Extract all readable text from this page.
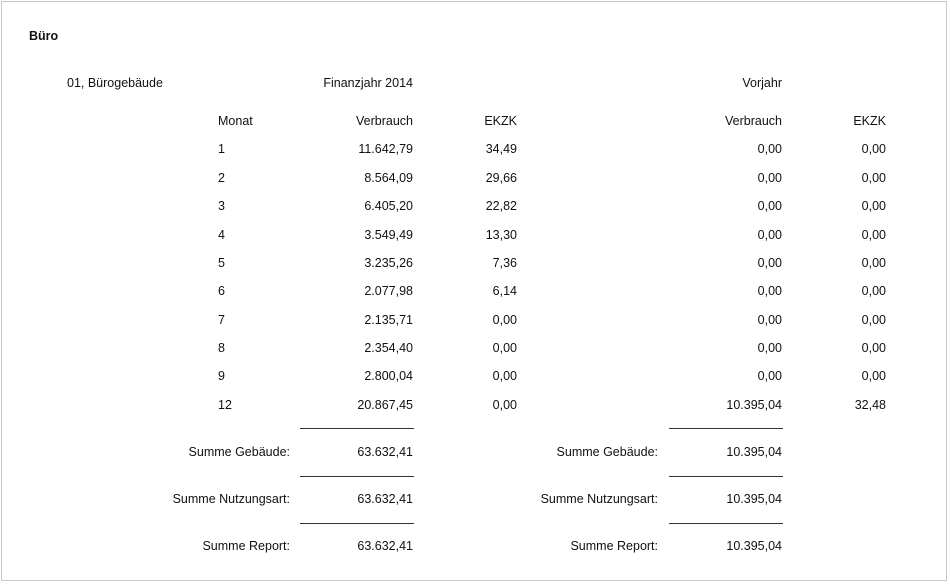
Büro
01, Bürogebäude	Finanzjahr 2014	Vorjahr
Monat	Verbrauch	EKZK	Verbrauch	EKZK
1	11.642,79	34,49	0,00	0,00
2	8.564,09	29,66	0,00	0,00
3	6.405,20	22,82	0,00	0,00
4	3.549,49	13,30	0,00	0,00
5	3.235,26	7,36	0,00	0,00
6	2.077,98	6,14	0,00	0,00
7	2.135,71	0,00	0,00	0,00
8	2.354,40	0,00	0,00	0,00
9	2.800,04	0,00	0,00	0,00
12	20.867,45	0,00	10.395,04	32,48
Summe Gebäude:	63.632,41	Summe Gebäude:	10.395,04
Summe Nutzungsart:	63.632,41	Summe Nutzungsart:	10.395,04
Summe Report:	63.632,41	Summe Report:	10.395,04
